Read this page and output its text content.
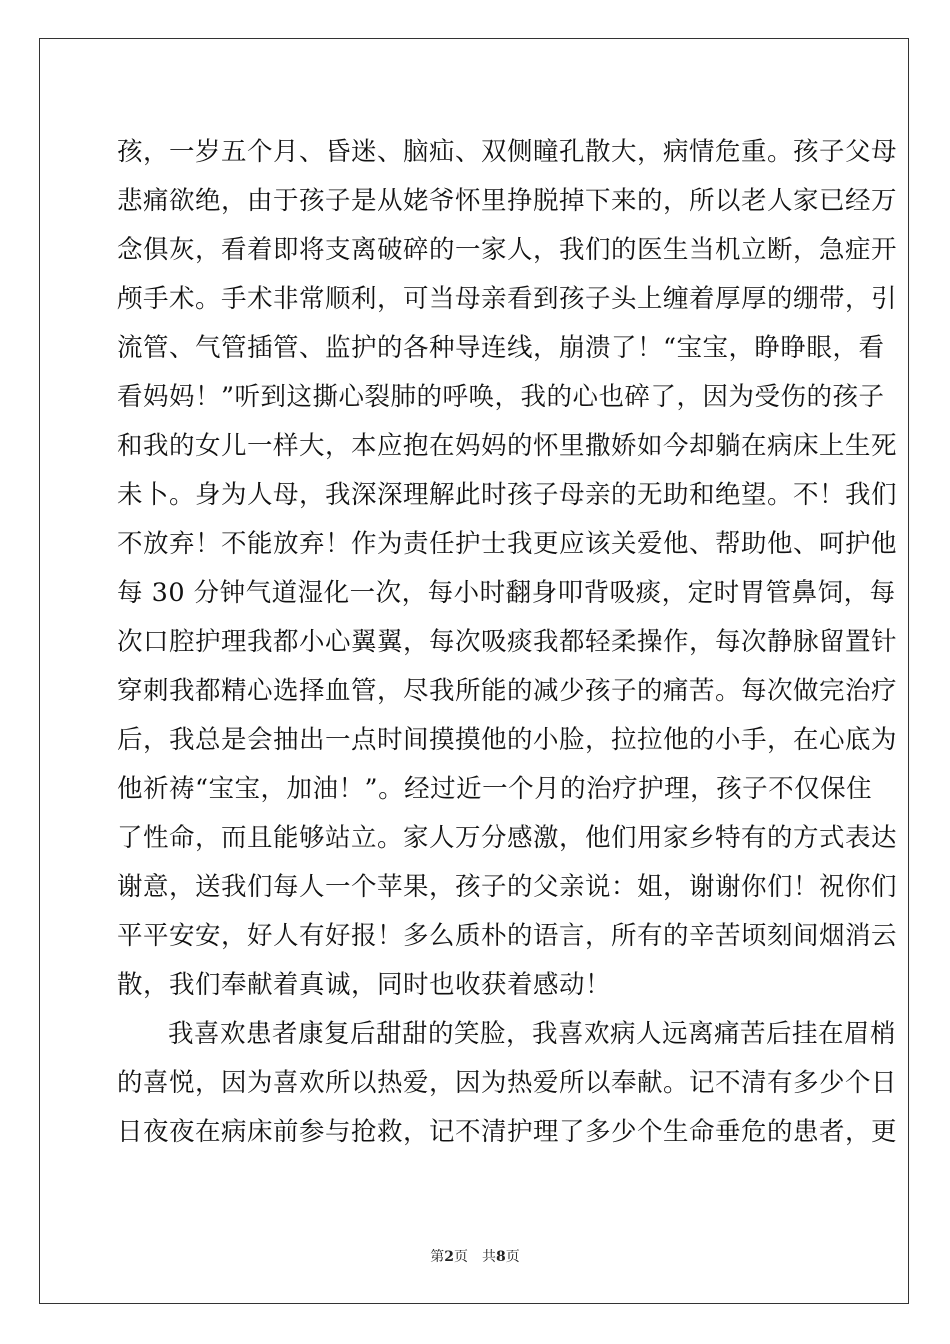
孩，一岁五个月、昏迷、脑疝、双侧瞳孔散大，病情危重。孩子父母
悲痛欲绝，由于孩子是从姥爷怀里挣脱掉下来的，所以老人家已经万
念俱灰，看着即将支离破碎的一家人，我们的医生当机立断，急症开
颅手术。手术非常顺利，可当母亲看到孩子头上缠着厚厚的绷带，引
流管、气管插管、监护的各种导连线，崩溃了！“宝宝，睁睁眼，看
看妈妈！”听到这撕心裂肺的呼唤，我的心也碎了，因为受伤的孩子
和我的女儿一样大，本应抱在妈妈的怀里撒娇如今却躺在病床上生死
未卜。身为人母，我深深理解此时孩子母亲的无助和绝望。不！我们
不放弃！不能放弃！作为责任护士我更应该关爱他、帮助他、呵护他
每 30 分钟气道湿化一次，每小时翻身叩背吸痰，定时胃管鼻饲，每
次口腔护理我都小心翼翼，每次吸痰我都轻柔操作，每次静脉留置针
穿刺我都精心选择血管，尽我所能的减少孩子的痛苦。每次做完治疗
后，我总是会抽出一点时间摸摸他的小脸，拉拉他的小手，在心底为
他祈祷“宝宝，加油！”。经过近一个月的治疗护理，孩子不仅保住
了性命，而且能够站立。家人万分感激，他们用家乡特有的方式表达
谢意，送我们每人一个苹果，孩子的父亲说：姐，谢谢你们！祝你们
平平安安，好人有好报！多么质朴的语言，所有的辛苦顷刻间烟消云
散，我们奉献着真诚，同时也收获着感动！
我喜欢患者康复后甜甜的笑脸，我喜欢病人远离痛苦后挂在眉梢
的喜悦，因为喜欢所以热爱，因为热爱所以奉献。记不清有多少个日
日夜夜在病床前参与抢救，记不清护理了多少个生命垂危的患者，更
第2页 共8页
